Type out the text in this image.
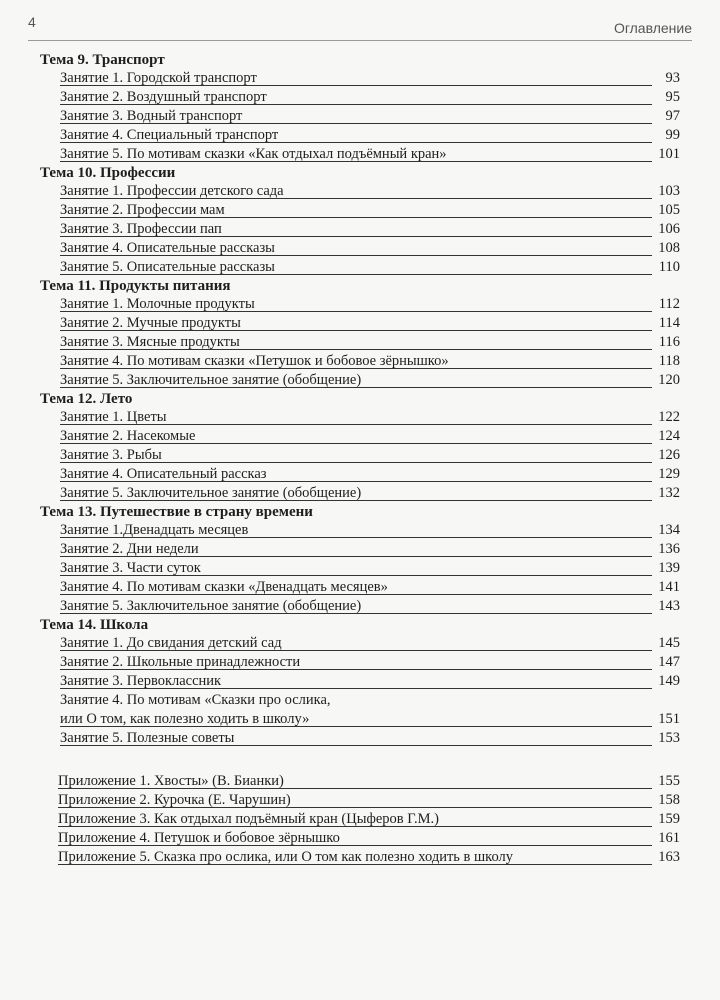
4	Оглавление
Тема 9. Транспорт
Занятие 1. Городской транспорт	93
Занятие 2. Воздушный транспорт	95
Занятие 3. Водный транспорт	97
Занятие 4. Специальный транспорт	99
Занятие 5. По мотивам сказки «Как отдыхал подъёмный кран»	101
Тема 10. Профессии
Занятие 1. Профессии детского сада	103
Занятие 2. Профессии мам	105
Занятие 3. Профессии пап	106
Занятие 4. Описательные рассказы	108
Занятие 5. Описательные рассказы	110
Тема 11. Продукты питания
Занятие 1. Молочные продукты	112
Занятие 2. Мучные продукты	114
Занятие 3. Мясные продукты	116
Занятие 4. По мотивам сказки «Петушок и бобовое зёрнышко»	118
Занятие 5. Заключительное занятие (обобщение)	120
Тема 12. Лето
Занятие 1. Цветы	122
Занятие 2. Насекомые	124
Занятие 3. Рыбы	126
Занятие 4. Описательный рассказ	129
Занятие 5. Заключительное занятие (обобщение)	132
Тема 13. Путешествие в страну времени
Занятие 1.Двенадцать месяцев	134
Занятие 2. Дни недели	136
Занятие 3. Части суток	139
Занятие 4. По мотивам сказки «Двенадцать месяцев»	141
Занятие 5. Заключительное занятие (обобщение)	143
Тема 14. Школа
Занятие 1. До свидания детский сад	145
Занятие 2. Школьные принадлежности	147
Занятие 3. Первоклассник	149
Занятие 4. По мотивам «Сказки про ослика,
или О том, как полезно ходить в школу»	151
Занятие 5. Полезные советы	153
Приложение 1. Хвосты» (В. Бианки)	155
Приложение 2. Курочка (Е. Чарушин)	158
Приложение 3. Как отдыхал подъёмный кран (Цыферов Г.М.)	159
Приложение 4. Петушок и бобовое зёрнышко	161
Приложение 5. Сказка про ослика, или О том как полезно ходить в школу	163
